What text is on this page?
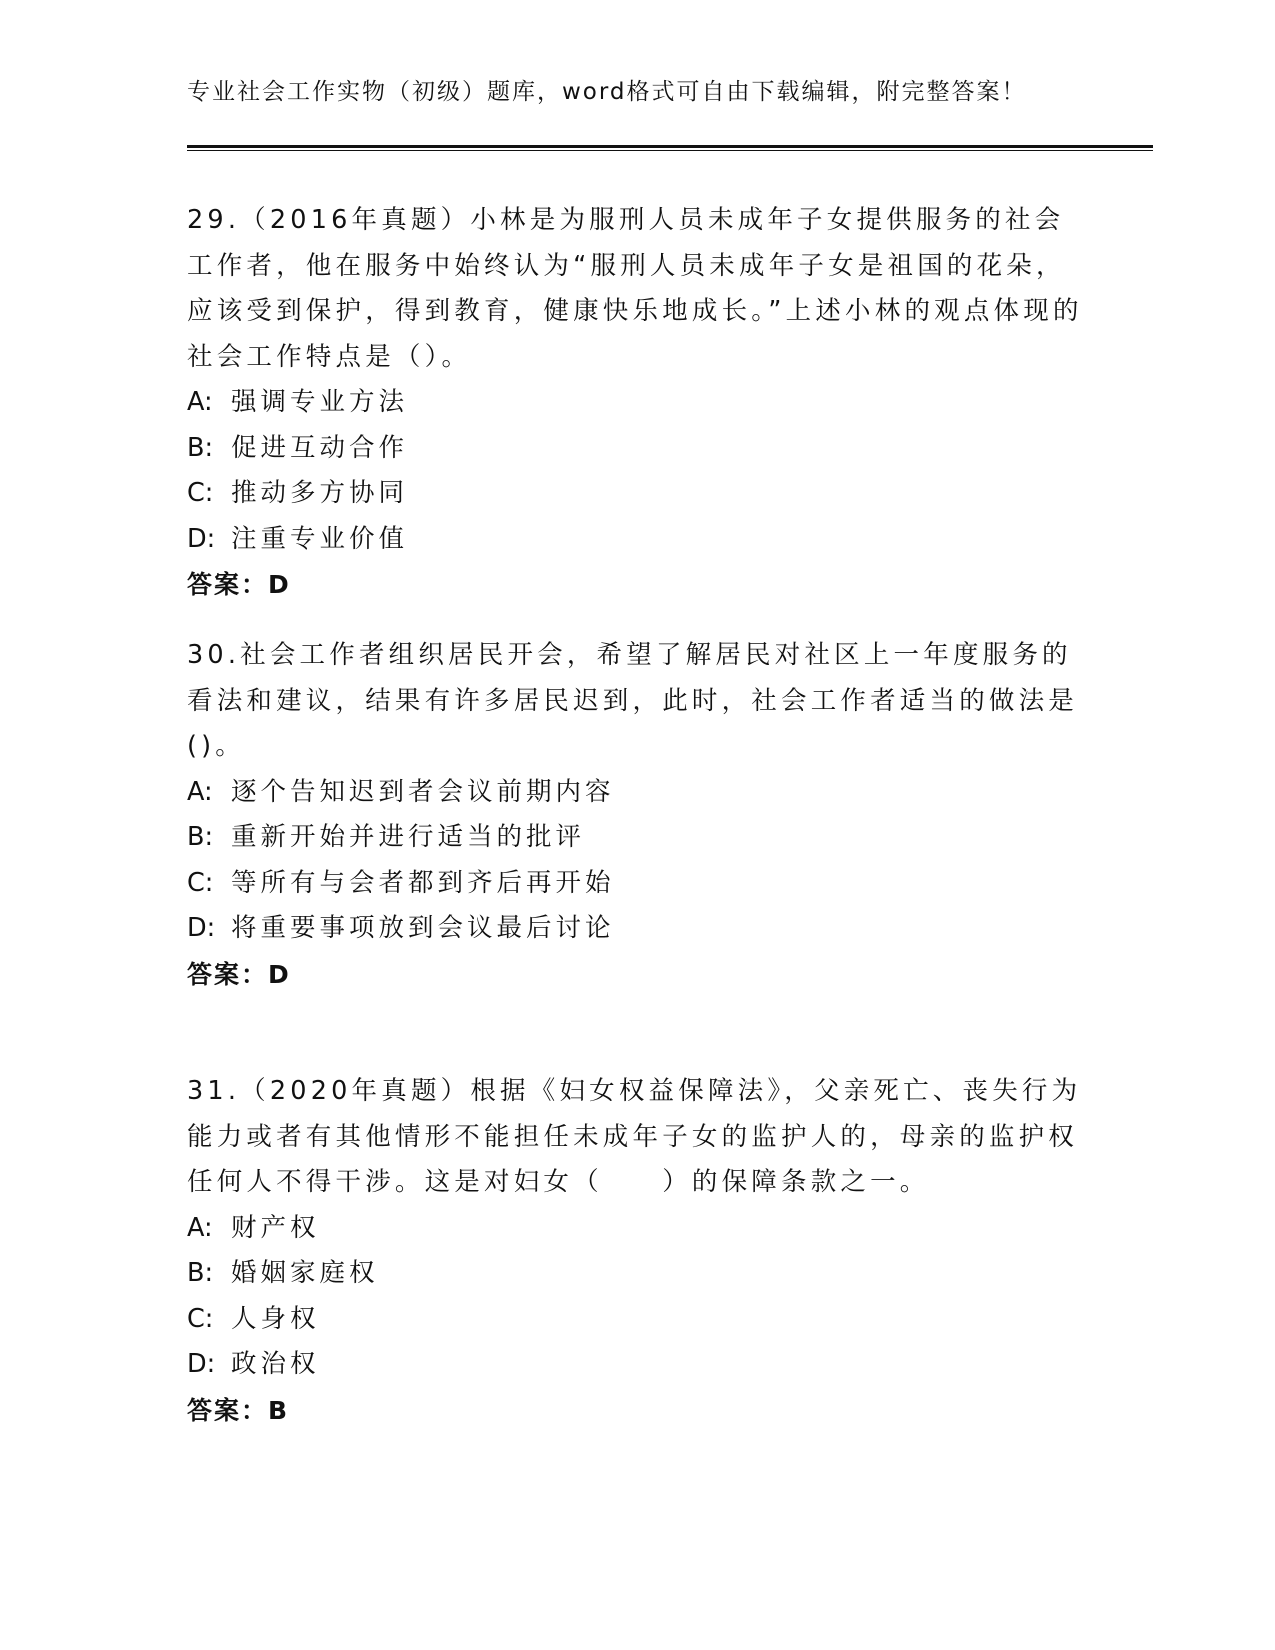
专业社会工作实物（初级）题库，word格式可自由下载编辑，附完整答案！

29.（2016年真题）小林是为服刑人员未成年子女提供服务的社会工作者，他在服务中始终认为“服刑人员未成年子女是祖国的花朵，应该受到保护，得到教育，健康快乐地成长。”上述小林的观点体现的社会工作特点是（）。

A: 强调专业方法

B: 促进互动合作

C: 推动多方协同

D: 注重专业价值

答案：D

30.社会工作者组织居民开会，希望了解居民对社区上一年度服务的看法和建议，结果有许多居民迟到，此时，社会工作者适当的做法是()。

A: 逐个告知迟到者会议前期内容

B: 重新开始并进行适当的批评

C: 等所有与会者都到齐后再开始

D: 将重要事项放到会议最后讨论

答案：D

31.（2020年真题）根据《妇女权益保障法》，父亲死亡、丧失行为能力或者有其他情形不能担任未成年子女的监护人的，母亲的监护权任何人不得干涉。这是对妇女（　　）的保障条款之一。

A: 财产权

B: 婚姻家庭权

C: 人身权

D: 政治权

答案：B
